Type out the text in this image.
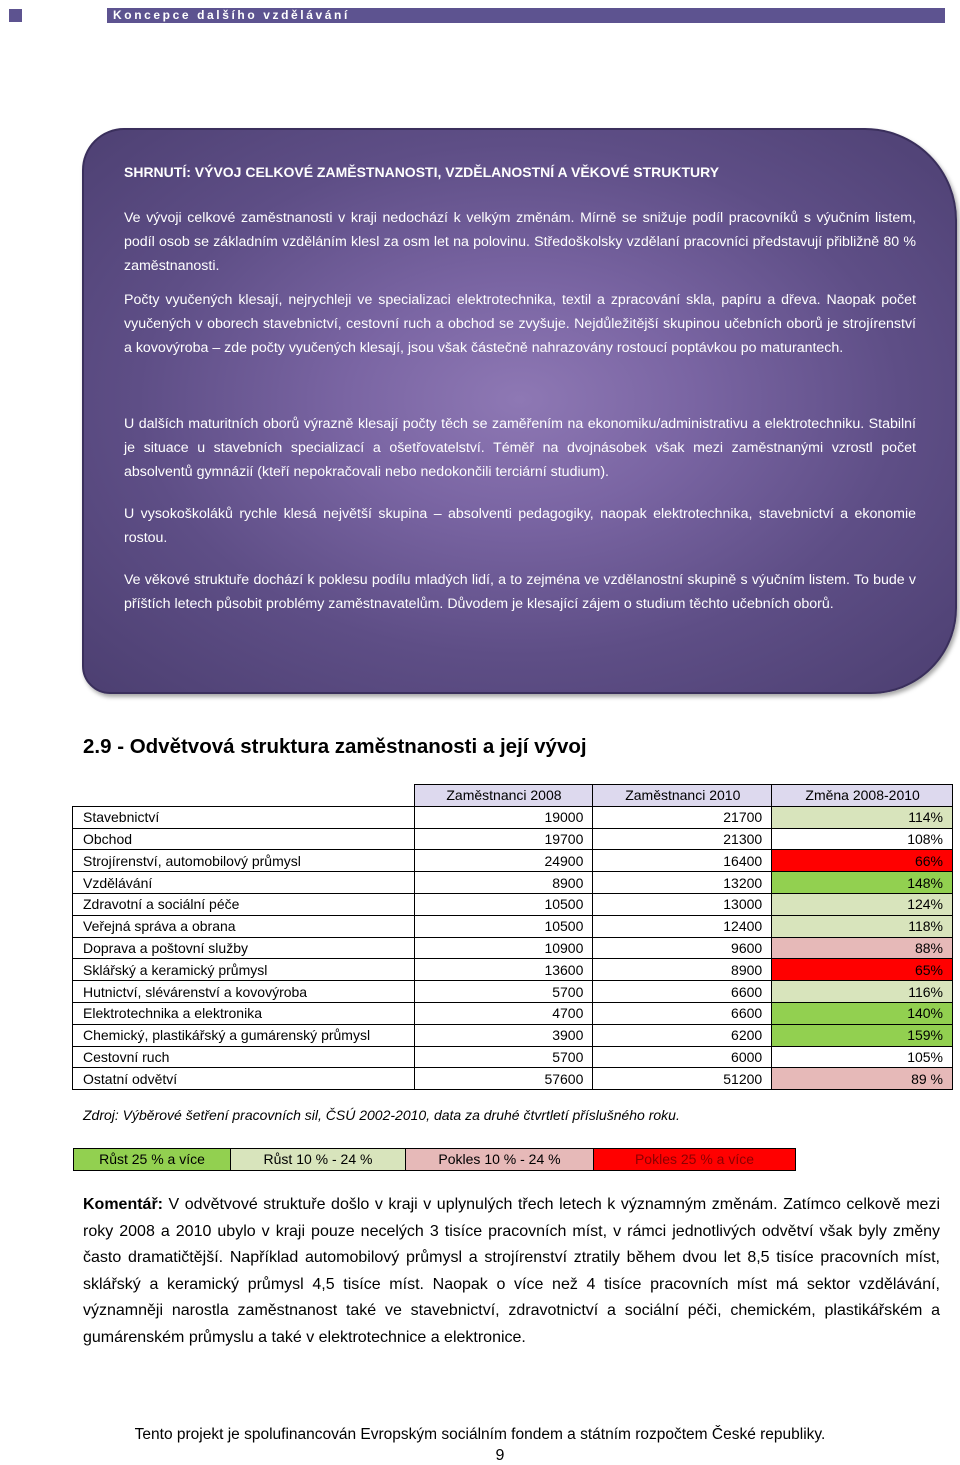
Koncepce dalšího vzdělávání
SHRNUTÍ: VÝVOJ CELKOVÉ ZAMĚSTNANOSTI, VZDĚLANOSTNÍ A VĚKOVÉ STRUKTURY

Ve vývoji celkové zaměstnanosti v kraji nedochází k velkým změnám. Mírně se snižuje podíl pracovníků s výučním listem, podíl osob se základním vzděláním klesl za osm let na polovinu. Středoškolsky vzdělaní pracovníci představují přibližně 80 % zaměstnanosti.

Počty vyučených klesají, nejrychleji ve specializaci elektrotechnika, textil a zpracování skla, papíru a dřeva. Naopak počet vyučených v oborech stavebnictví, cestovní ruch a obchod se zvyšuje. Nejdůležitější skupinou učebních oborů je strojírenství a kovovýroba – zde počty vyučených klesají, jsou však částečně nahrazovány rostoucí poptávkou po maturantech.

U dalších maturitních oborů výrazně klesají počty těch se zaměřením na ekonomiku/administrativu a elektrotechniku. Stabilní je situace u stavebních specializací a ošetřovatelství. Téměř na dvojnásobek však mezi zaměstnanými vzrostl počet absolventů gymnázií (kteří nepokračovali nebo nedokončili terciární studium).

U vysokoškoláků rychle klesá největší skupina – absolventi pedagogiky, naopak elektrotechnika, stavebnictví a ekonomie rostou.

Ve věkové struktuře dochází k poklesu podílu mladých lidí, a to zejména ve vzdělanostní skupině s výučním listem. To bude v příštích letech působit problémy zaměstnavatelům. Důvodem je klesající zájem o studium těchto učebních oborů.

2.9 - Odvětvová struktura zaměstnanosti a její vývoj
	Zaměstnanci 2008	Zaměstnanci 2010	Změna 2008-2010
Stavebnictví	19000	21700	114%
Obchod	19700	21300	108%
Strojírenství, automobilový průmysl	24900	16400	66%
Vzdělávání	8900	13200	148%
Zdravotní a sociální péče	10500	13000	124%
Veřejná správa a obrana	10500	12400	118%
Doprava a poštovní služby	10900	9600	88%
Sklářský a keramický průmysl	13600	8900	65%
Hutnictví, slévárenství a kovovýroba	5700	6600	116%
Elektrotechnika a elektronika	4700	6600	140%
Chemický, plastikářský a gumárenský průmysl	3900	6200	159%
Cestovní ruch	5700	6000	105%
Ostatní odvětví	57600	51200	89 %
Zdroj: Výběrové šetření pracovních sil, ČSÚ 2002-2010, data za druhé čtvrtletí příslušného roku.
Růst 25 % a více	Růst 10 % - 24 %	Pokles 10 % - 24 %	Pokles 25 % a více

Komentář: V odvětvové struktuře došlo v kraji v uplynulých třech letech k významným změnám. Zatímco celkově mezi roky 2008 a 2010 ubylo v kraji pouze necelých 3 tisíce pracovních míst, v rámci jednotlivých odvětví však byly změny často dramatičtější. Například automobilový průmysl a strojírenství ztratily během dvou let 8,5 tisíce pracovních míst, sklářský a keramický průmysl 4,5 tisíce míst. Naopak o více než 4 tisíce pracovních míst má sektor vzdělávání, významněji narostla zaměstnanost také ve stavebnictví, zdravotnictví a sociální péči, chemickém, plastikářském a gumárenském průmyslu a také v elektrotechnice a elektronice.

Tento projekt je spolufinancován Evropským sociálním fondem a státním rozpočtem České republiky.
9
